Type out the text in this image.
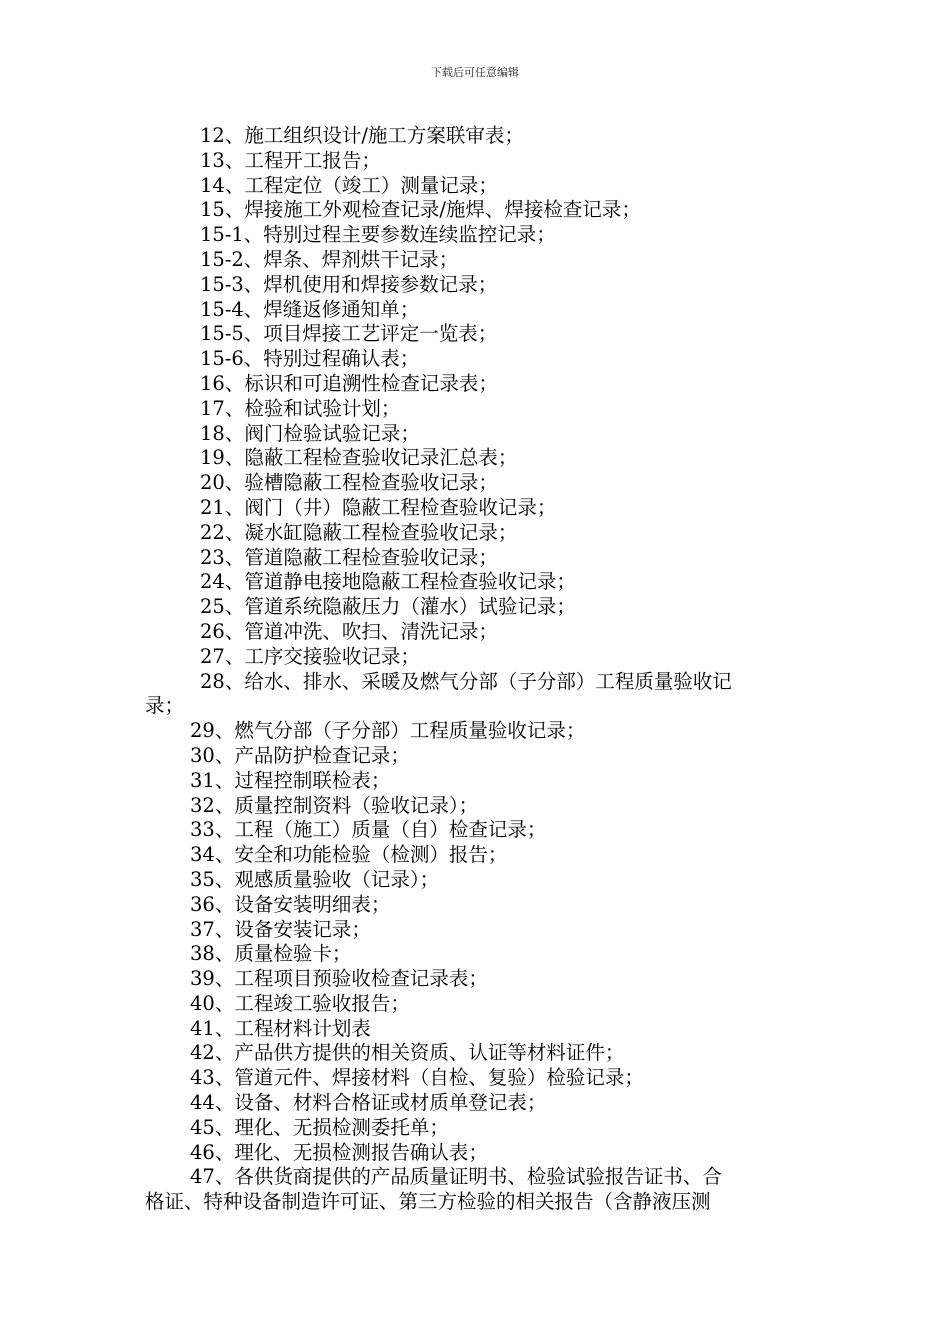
下载后可任意编辑
12、施工组织设计/施工方案联审表；
13、工程开工报告；
14、工程定位（竣工）测量记录；
15、焊接施工外观检查记录/施焊、焊接检查记录；
15-1、特别过程主要参数连续监控记录；
15-2、焊条、焊剂烘干记录；
15-3、焊机使用和焊接参数记录；
15-4、焊缝返修通知单；
15-5、项目焊接工艺评定一览表；
15-6、特别过程确认表；
16、标识和可追溯性检查记录表；
17、检验和试验计划；
18、阀门检验试验记录；
19、隐蔽工程检查验收记录汇总表；
20、验槽隐蔽工程检查验收记录；
21、阀门（井）隐蔽工程检查验收记录；
22、凝水缸隐蔽工程检查验收记录；
23、管道隐蔽工程检查验收记录；
24、管道静电接地隐蔽工程检查验收记录；
25、管道系统隐蔽压力（灌水）试验记录；
26、管道冲洗、吹扫、清洗记录；
27、工序交接验收记录；
28、给水、排水、采暖及燃气分部（子分部）工程质量验收记
录；
29、燃气分部（子分部）工程质量验收记录；
30、产品防护检查记录；
31、过程控制联检表；
32、质量控制资料（验收记录）；
33、工程（施工）质量（自）检查记录；
34、安全和功能检验（检测）报告；
35、观感质量验收（记录）；
36、设备安装明细表；
37、设备安装记录；
38、质量检验卡；
39、工程项目预验收检查记录表；
40、工程竣工验收报告；
41、工程材料计划表
42、产品供方提供的相关资质、认证等材料证件；
43、管道元件、焊接材料（自检、复验）检验记录；
44、设备、材料合格证或材质单登记表；
45、理化、无损检测委托单；
46、理化、无损检测报告确认表；
47、各供货商提供的产品质量证明书、检验试验报告证书、合
格证、特种设备制造许可证、第三方检验的相关报告（含静液压测
